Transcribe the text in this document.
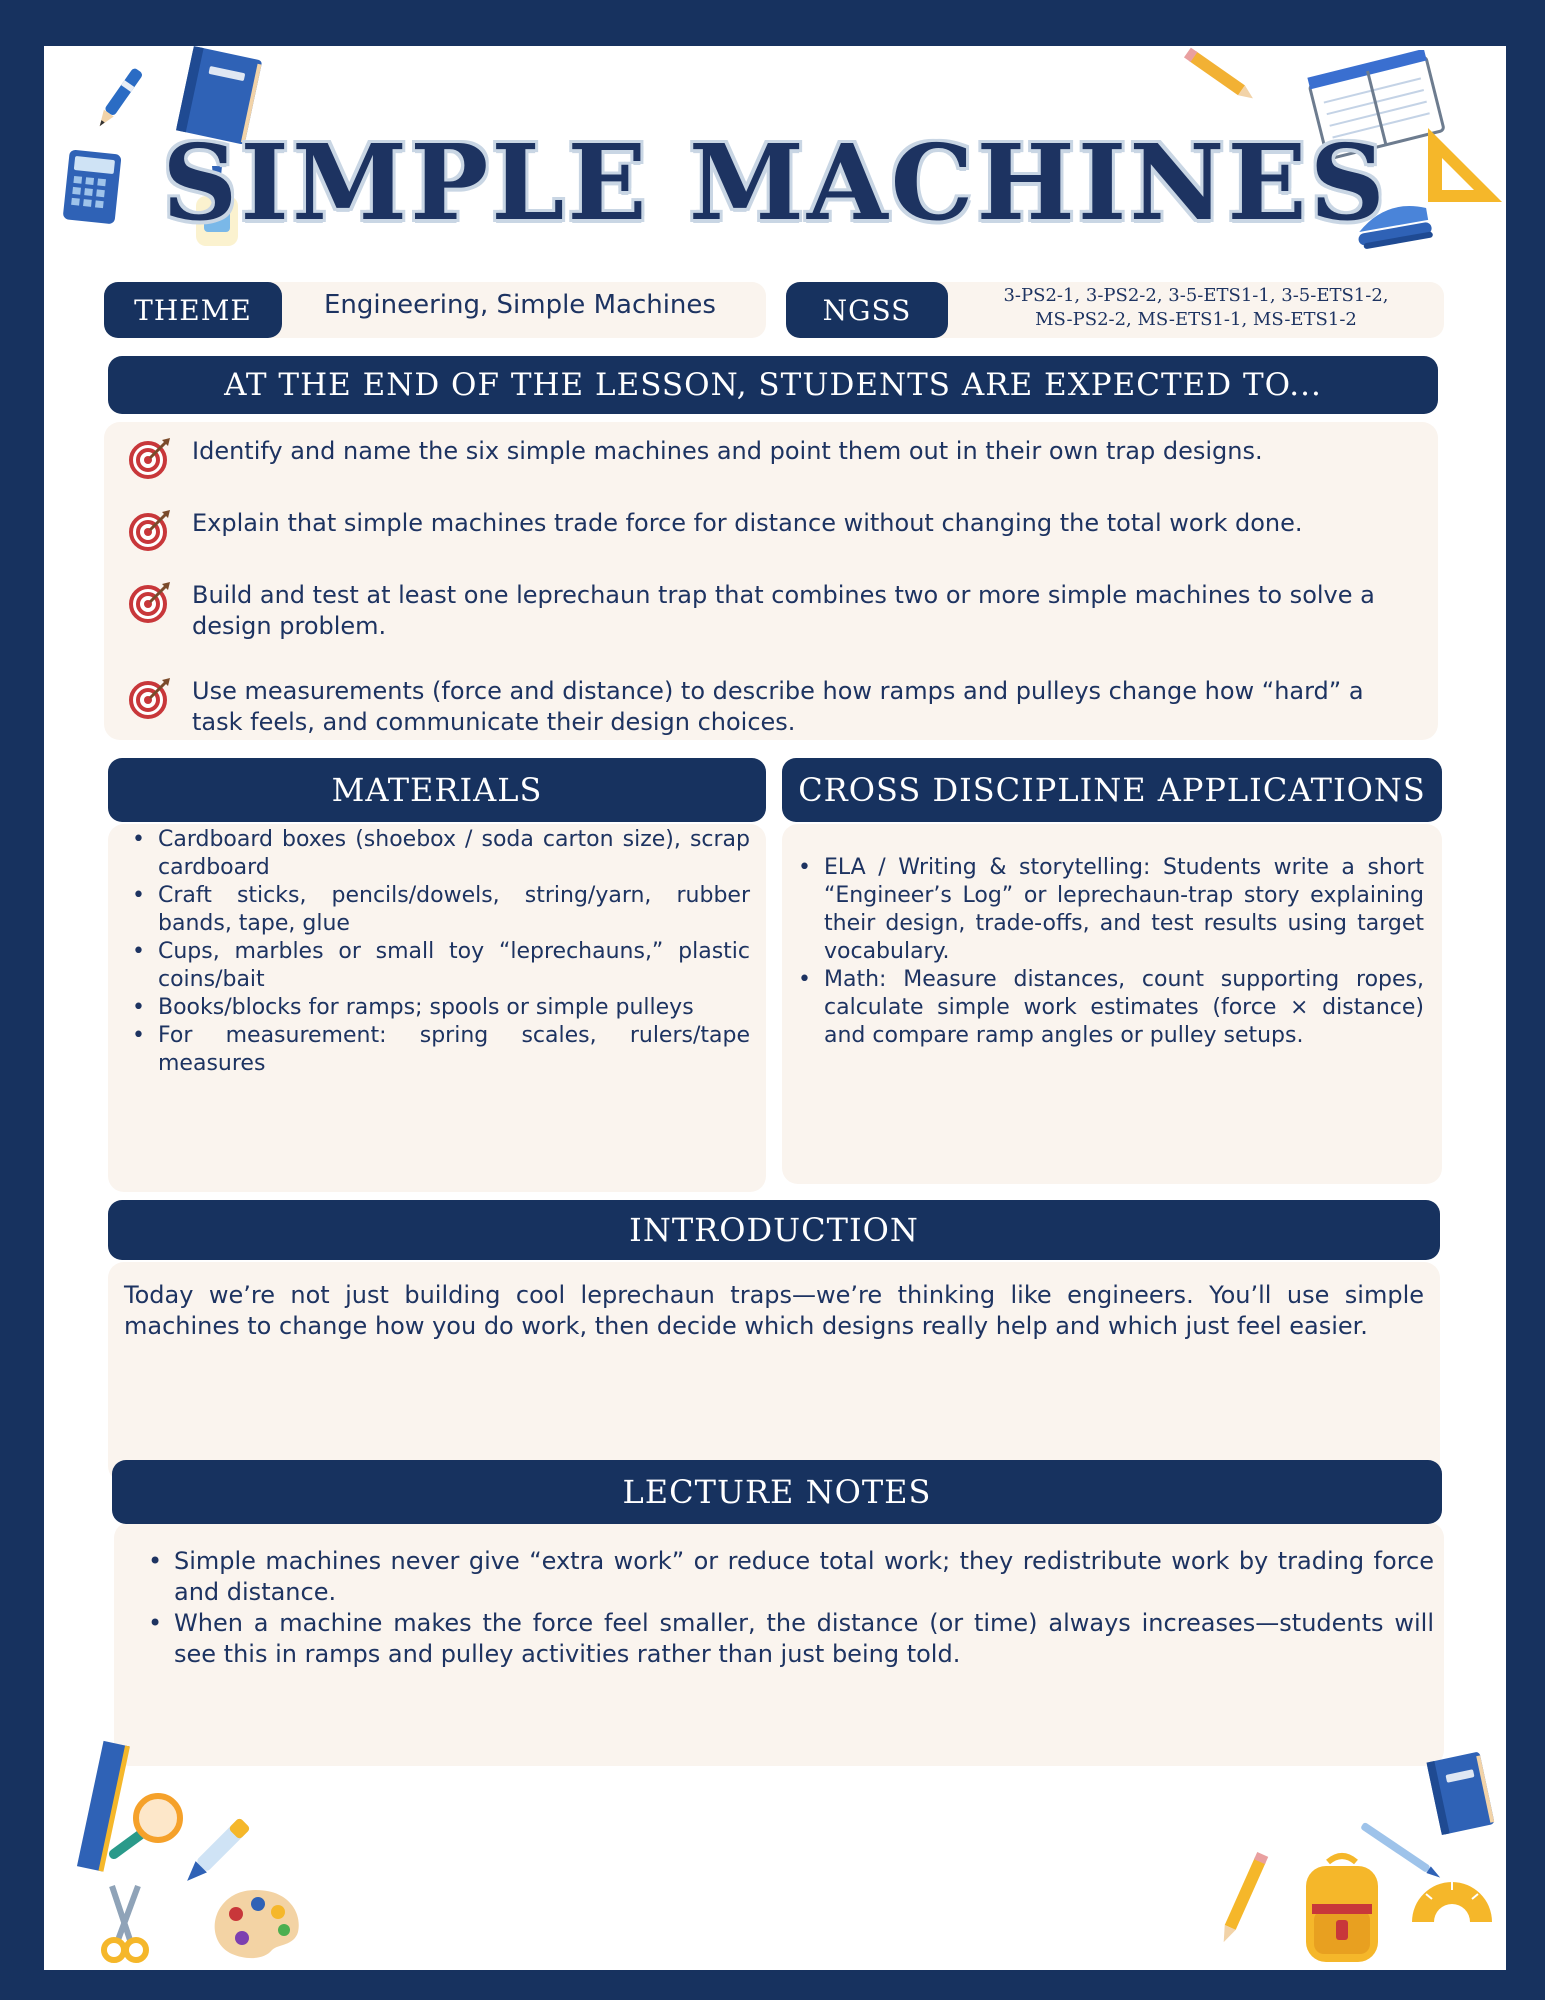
SIMPLE MACHINES
THEME	Engineering, Simple Machines	NGSS	3-PS2-1, 3-PS2-2, 3-5-ETS1-1, 3-5-ETS1-2,
MS-PS2-2, MS-ETS1-1, MS-ETS1-2
AT THE END OF THE LESSON, STUDENTS ARE EXPECTED TO...
Identify and name the six simple machines and point them out in their own trap designs.
Explain that simple machines trade force for distance without changing the total work done.
Build and test at least one leprechaun trap that combines two or more simple machines to solve a design problem.
Use measurements (force and distance) to describe how ramps and pulleys change how “hard” a task feels, and communicate their design choices.
MATERIALS
• Cardboard boxes (shoebox / soda carton size), scrap cardboard
• Craft sticks, pencils/dowels, string/yarn, rubber bands, tape, glue
• Cups, marbles or small toy “leprechauns,” plastic coins/bait
• Books/blocks for ramps; spools or simple pulleys
• For measurement: spring scales, rulers/tape measures
CROSS DISCIPLINE APPLICATIONS
• ELA / Writing & storytelling: Students write a short “Engineer’s Log” or leprechaun-trap story explaining their design, trade-offs, and test results using target vocabulary.
• Math: Measure distances, count supporting ropes, calculate simple work estimates (force × distance) and compare ramp angles or pulley setups.
INTRODUCTION
Today we’re not just building cool leprechaun traps—we’re thinking like engineers. You’ll use simple machines to change how you do work, then decide which designs really help and which just feel easier.
LECTURE NOTES
• Simple machines never give “extra work” or reduce total work; they redistribute work by trading force and distance.
• When a machine makes the force feel smaller, the distance (or time) always increases—students will see this in ramps and pulley activities rather than just being told.
